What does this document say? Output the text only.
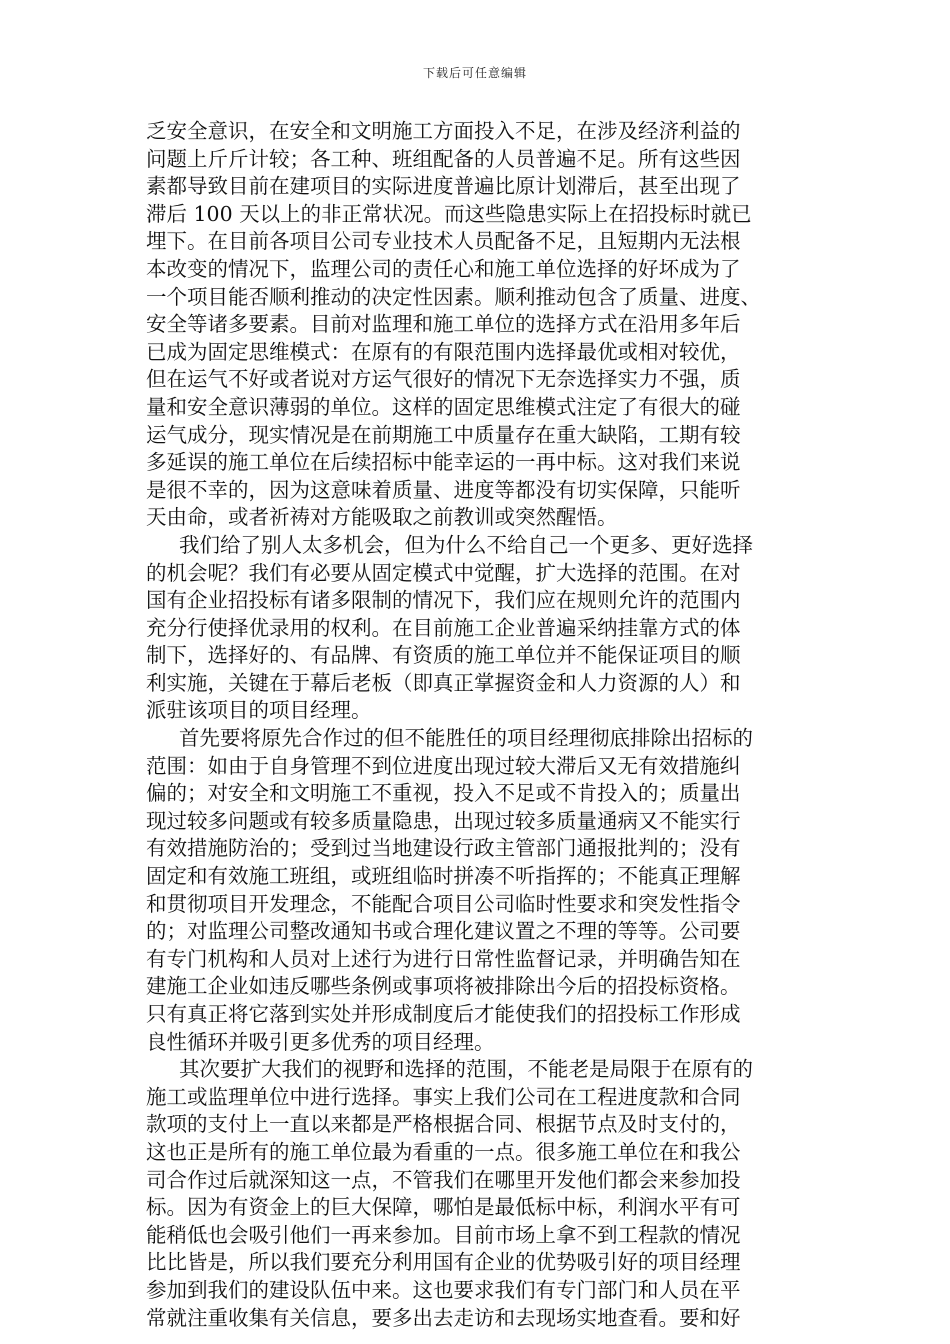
下载后可任意编辑
乏安全意识，在安全和文明施工方面投入不足，在涉及经济利益的
问题上斤斤计较；各工种、班组配备的人员普遍不足。所有这些因
素都导致目前在建项目的实际进度普遍比原计划滞后，甚至出现了
滞后 100 天以上的非正常状况。而这些隐患实际上在招投标时就已
埋下。在目前各项目公司专业技术人员配备不足，且短期内无法根
本改变的情况下，监理公司的责任心和施工单位选择的好坏成为了
一个项目能否顺利推动的决定性因素。顺利推动包含了质量、进度、
安全等诸多要素。目前对监理和施工单位的选择方式在沿用多年后
已成为固定思维模式：在原有的有限范围内选择最优或相对较优，
但在运气不好或者说对方运气很好的情况下无奈选择实力不强，质
量和安全意识薄弱的单位。这样的固定思维模式注定了有很大的碰
运气成分，现实情况是在前期施工中质量存在重大缺陷，工期有较
多延误的施工单位在后续招标中能幸运的一再中标。这对我们来说
是很不幸的，因为这意味着质量、进度等都没有切实保障，只能听
天由命，或者祈祷对方能吸取之前教训或突然醒悟。
我们给了别人太多机会，但为什么不给自己一个更多、更好选择
的机会呢？我们有必要从固定模式中觉醒，扩大选择的范围。在对
国有企业招投标有诸多限制的情况下，我们应在规则允许的范围内
充分行使择优录用的权利。在目前施工企业普遍采纳挂靠方式的体
制下，选择好的、有品牌、有资质的施工单位并不能保证项目的顺
利实施，关键在于幕后老板（即真正掌握资金和人力资源的人）和
派驻该项目的项目经理。
首先要将原先合作过的但不能胜任的项目经理彻底排除出招标的
范围：如由于自身管理不到位进度出现过较大滞后又无有效措施纠
偏的；对安全和文明施工不重视，投入不足或不肯投入的；质量出
现过较多问题或有较多质量隐患，出现过较多质量通病又不能实行
有效措施防治的；受到过当地建设行政主管部门通报批判的；没有
固定和有效施工班组，或班组临时拼凑不听指挥的；不能真正理解
和贯彻项目开发理念，不能配合项目公司临时性要求和突发性指令
的；对监理公司整改通知书或合理化建议置之不理的等等。公司要
有专门机构和人员对上述行为进行日常性监督记录，并明确告知在
建施工企业如违反哪些条例或事项将被排除出今后的招投标资格。
只有真正将它落到实处并形成制度后才能使我们的招投标工作形成
良性循环并吸引更多优秀的项目经理。
其次要扩大我们的视野和选择的范围，不能老是局限于在原有的
施工或监理单位中进行选择。事实上我们公司在工程进度款和合同
款项的支付上一直以来都是严格根据合同、根据节点及时支付的，
这也正是所有的施工单位最为看重的一点。很多施工单位在和我公
司合作过后就深知这一点，不管我们在哪里开发他们都会来参加投
标。因为有资金上的巨大保障，哪怕是最低标中标，利润水平有可
能稍低也会吸引他们一再来参加。目前市场上拿不到工程款的情况
比比皆是，所以我们要充分利用国有企业的优势吸引好的项目经理
参加到我们的建设队伍中来。这也要求我们有专门部门和人员在平
常就注重收集有关信息，要多出去走访和去现场实地查看。要和好
